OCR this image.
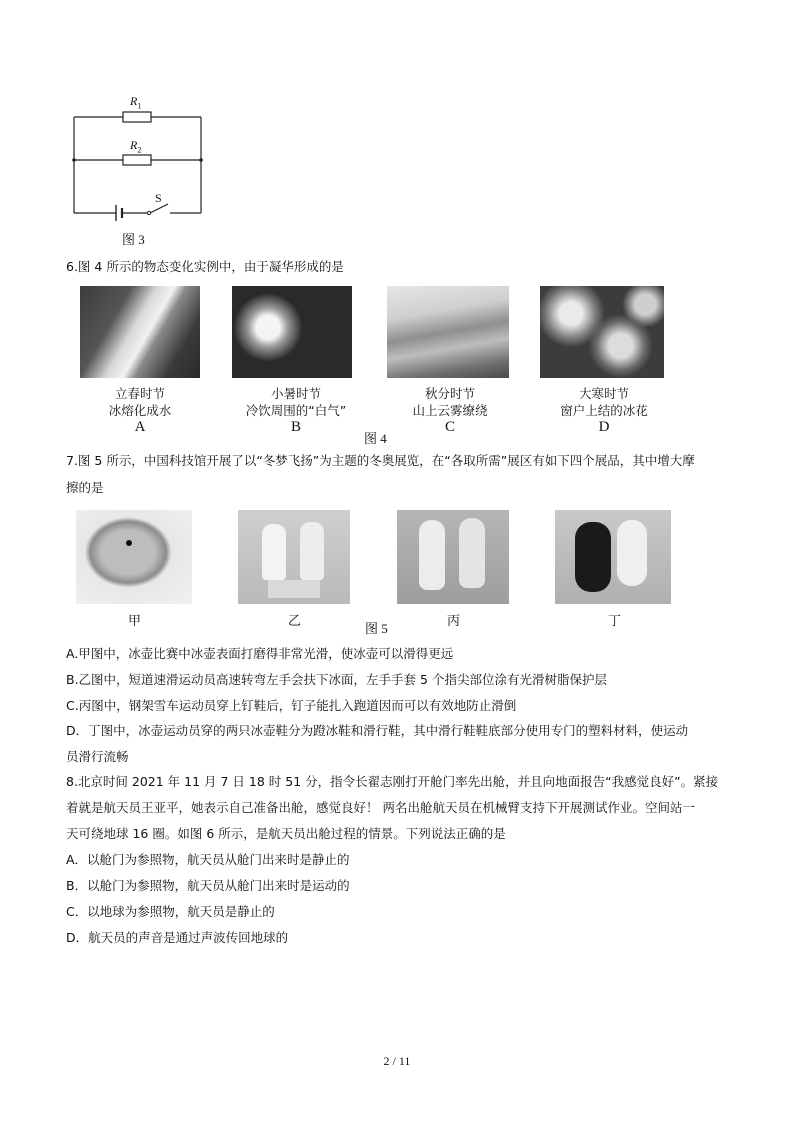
$R_1$
$R_2$
S
图 3
6.图 4 所示的物态变化实例中，由于凝华形成的是
立春时节
冰熔化成水
A
小暑时节
冷饮周围的“白气”
B
秋分时节
山上云雾缭绕
C
大寒时节
窗户上结的冰花
D
图 4
7.图 5 所示，中国科技馆开展了以“冬梦飞扬”为主题的冬奥展览，在“各取所需”展区有如下四个展品，其中增大摩
擦的是
甲	乙	丙	丁
图 5
A.甲图中，冰壶比赛中冰壶表面打磨得非常光滑，使冰壶可以滑得更远
B.乙图中，短道速滑运动员高速转弯左手会扶下冰面，左手手套 5 个指尖部位涂有光滑树脂保护层
C.丙图中，钢架雪车运动员穿上钉鞋后，钉子能扎入跑道因而可以有效地防止滑倒
D．丁图中，冰壶运动员穿的两只冰壶鞋分为蹬冰鞋和滑行鞋，其中滑行鞋鞋底部分使用专门的塑料材料，使运动
员滑行流畅
8.北京时间 2021 年 11 月 7 日 18 时 51 分，指令长翟志刚打开舱门率先出舱，并且向地面报告“我感觉良好”。紧接
着就是航天员王亚平，她表示自己准备出舱，感觉良好！ 两名出舱航天员在机械臂支持下开展测试作业。空间站一
天可绕地球 16 圈。如图 6 所示，是航天员出舱过程的情景。下列说法正确的是
A．以舱门为参照物，航天员从舱门出来时是静止的
B．以舱门为参照物，航天员从舱门出来时是运动的
C．以地球为参照物，航天员是静止的
D．航天员的声音是通过声波传回地球的
2 / 11
